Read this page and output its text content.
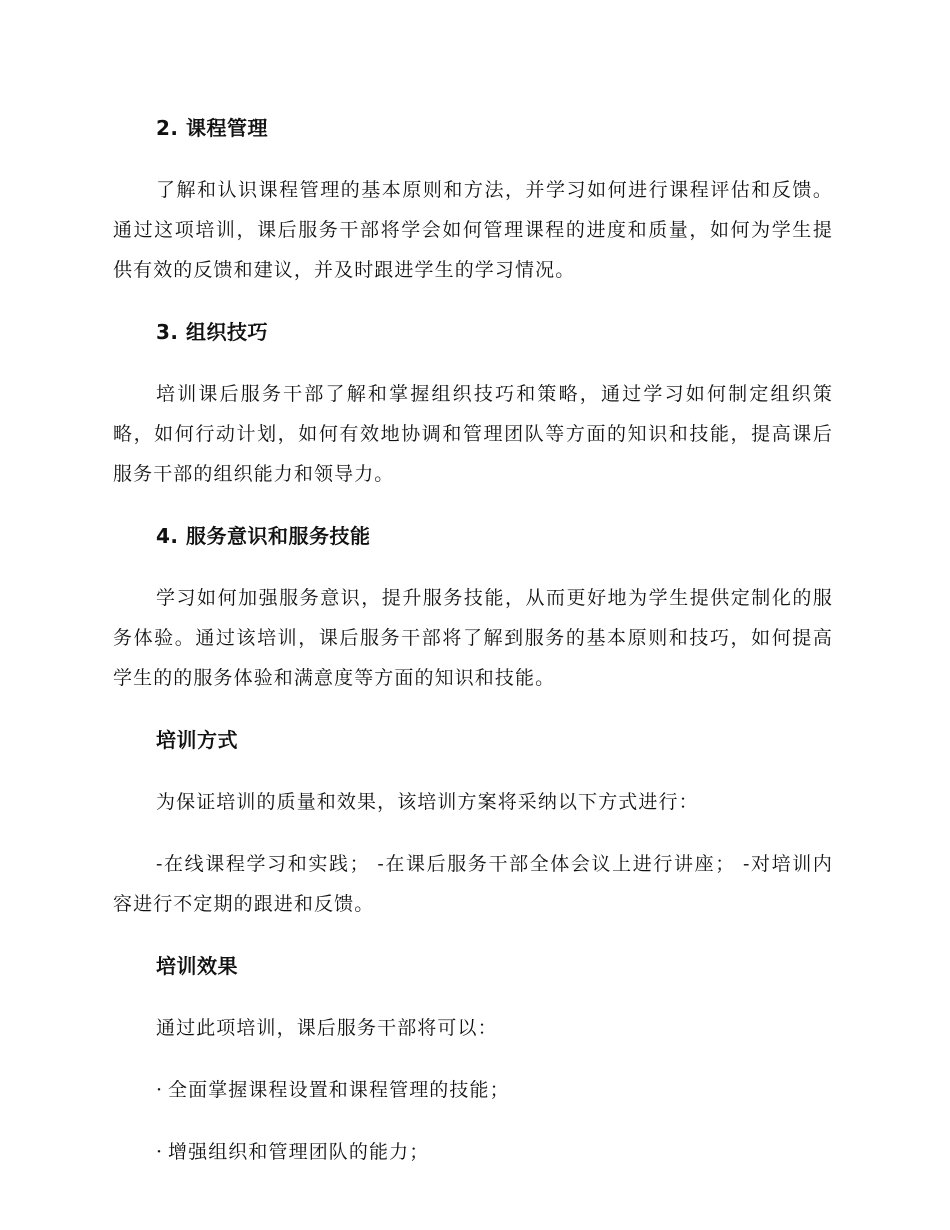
2. 课程管理

了解和认识课程管理的基本原则和方法，并学习如何进行课程评估和反馈。通过这项培训，课后服务干部将学会如何管理课程的进度和质量，如何为学生提供有效的反馈和建议，并及时跟进学生的学习情况。

3. 组织技巧

培训课后服务干部了解和掌握组织技巧和策略，通过学习如何制定组织策略，如何行动计划，如何有效地协调和管理团队等方面的知识和技能，提高课后服务干部的组织能力和领导力。

4. 服务意识和服务技能

学习如何加强服务意识，提升服务技能，从而更好地为学生提供定制化的服务体验。通过该培训，课后服务干部将了解到服务的基本原则和技巧，如何提高学生的的服务体验和满意度等方面的知识和技能。

培训方式

为保证培训的质量和效果，该培训方案将采纳以下方式进行：

-在线课程学习和实践； -在课后服务干部全体会议上进行讲座； -对培训内容进行不定期的跟进和反馈。

培训效果

通过此项培训，课后服务干部将可以：

· 全面掌握课程设置和课程管理的技能；

· 增强组织和管理团队的能力；
